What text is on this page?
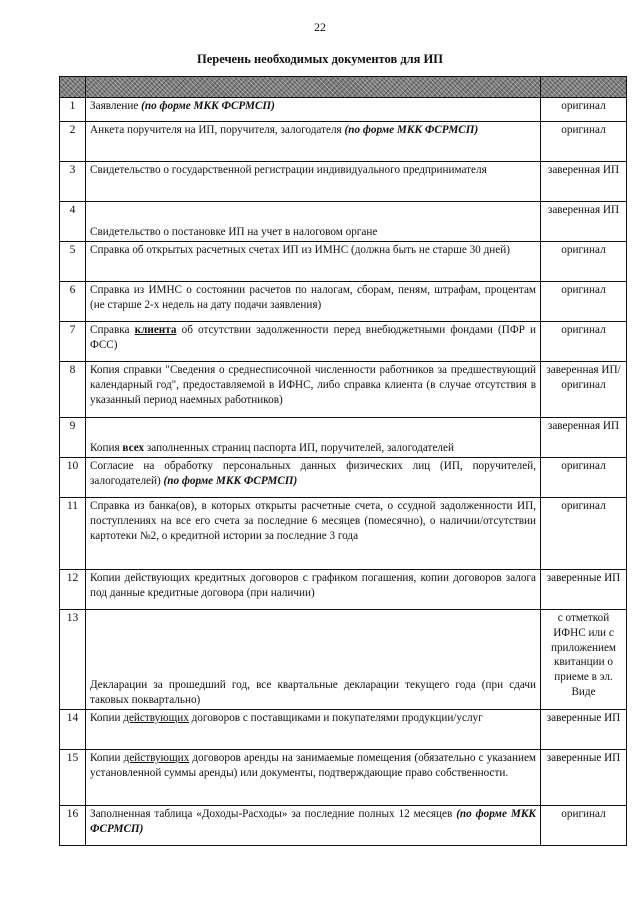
22
Перечень необходимых документов для ИП

1	Заявление (по форме МКК ФСРМСП)	оригинал
2	Анкета поручителя на ИП, поручителя, залогодателя (по форме МКК ФСРМСП)	оригинал
3	Свидетельство о государственной регистрации индивидуального предпринимателя	заверенная ИП
4	Свидетельство о постановке ИП на учет в налоговом органе	заверенная ИП
5	Справка об открытых расчетных счетах ИП из ИМНС (должна быть не старше 30 дней)	оригинал
6	Справка из ИМНС о состоянии расчетов по налогам, сборам, пеням, штрафам, процентам (не старше 2-х недель на дату подачи заявления)	оригинал
7	Справка клиента об отсутствии задолженности перед внебюджетными фондами (ПФР и ФСС)	оригинал
8	Копия справки "Сведения о среднесписочной численности работников за предшествующий календарный год", предоставляемой в ИФНС, либо справка клиента (в случае отсутствия в указанный период наемных работников)	заверенная ИП/ оригинал
9	Копия всех заполненных страниц паспорта ИП, поручителей, залогодателей	заверенная ИП
10	Согласие на обработку персональных данных физических лиц (ИП, поручителей, залогодателей) (по форме МКК ФСРМСП)	оригинал
11	Справка из банка(ов), в которых открыты расчетные счета, о ссудной задолженности ИП, поступлениях на все его счета за последние 6 месяцев (помесячно), о наличии/отсутствии картотеки №2, о кредитной истории за последние 3 года	оригинал
12	Копии действующих кредитных договоров с графиком погашения, копии договоров залога под данные кредитные договора (при наличии)	заверенные ИП
13	Декларации за прошедший год, все квартальные декларации текущего года (при сдачи таковых поквартально)	с отметкой ИФНС или с приложением квитанции о приеме в эл. Виде
14	Копии действующих договоров с поставщиками и покупателями продукции/услуг	заверенные ИП
15	Копии действующих договоров аренды на занимаемые помещения (обязательно с указанием установленной суммы аренды) или документы, подтверждающие право собственности.	заверенные ИП
16	Заполненная таблица «Доходы-Расходы» за последние полных 12 месяцев (по форме МКК ФСРМСП)	оригинал
